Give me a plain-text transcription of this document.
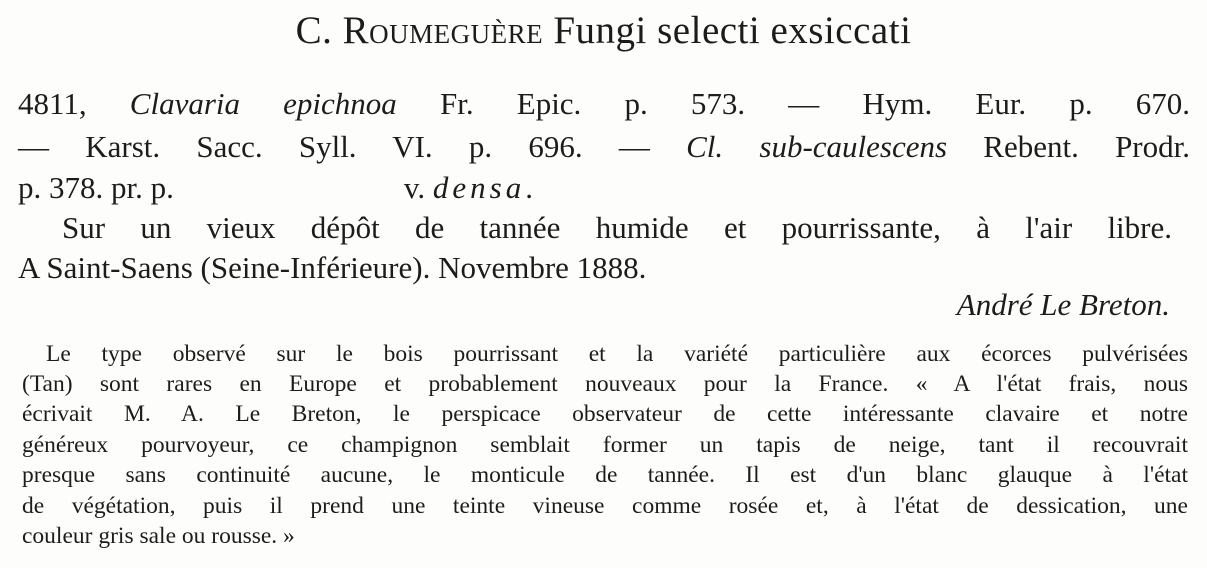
C. Roumeguère Fungi selecti exsiccati
4811, Clavaria epichnoa Fr. Epic. p. 573. — Hym. Eur. p. 670.
— Karst. Sacc. Syll. VI. p. 696. — Cl. sub-caulescens Rebent. Prodr.
p. 378. pr. p.	v. densa.
Sur un vieux dépôt de tannée humide et pourrissante, à l'air libre.
A Saint-Saens (Seine-Inférieure). Novembre 1888.
André Le Breton.
Le type observé sur le bois pourrissant et la variété particulière aux écorces pulvérisées
(Tan) sont rares en Europe et probablement nouveaux pour la France. « A l'état frais, nous
écrivait M. A. Le Breton, le perspicace observateur de cette intéressante clavaire et notre
généreux pourvoyeur, ce champignon semblait former un tapis de neige, tant il recouvrait
presque sans continuité aucune, le monticule de tannée. Il est d'un blanc glauque à l'état
de végétation, puis il prend une teinte vineuse comme rosée et, à l'état de dessication, une
couleur gris sale ou rousse. »
